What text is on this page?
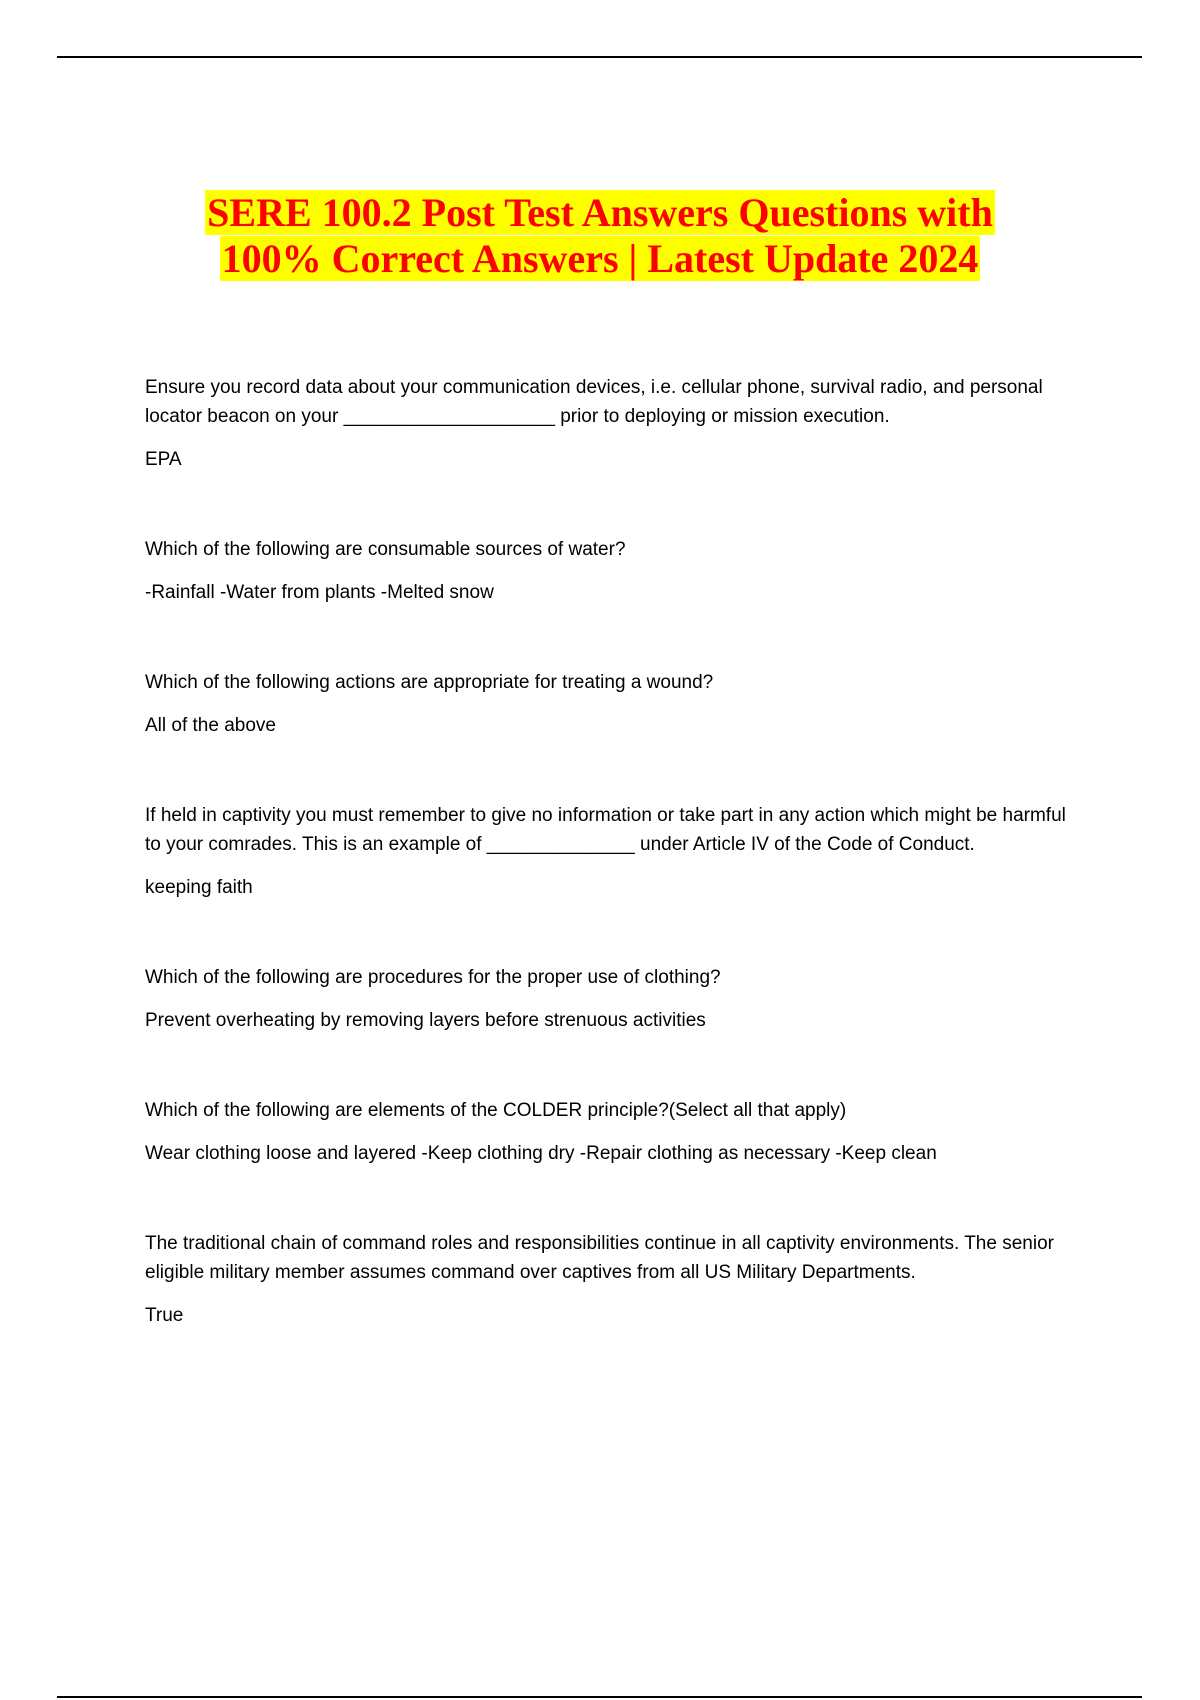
SERE 100.2 Post Test Answers Questions with
100% Correct Answers | Latest Update 2024

Ensure you record data about your communication devices, i.e. cellular phone, survival radio, and personal locator beacon on your ____________________ prior to deploying or mission execution.

EPA

Which of the following are consumable sources of water?

-Rainfall -Water from plants -Melted snow

Which of the following actions are appropriate for treating a wound?

All of the above

If held in captivity you must remember to give no information or take part in any action which might be harmful to your comrades. This is an example of ______________ under Article IV of the Code of Conduct.

keeping faith

Which of the following are procedures for the proper use of clothing?

Prevent overheating by removing layers before strenuous activities

Which of the following are elements of the COLDER principle?(Select all that apply)

Wear clothing loose and layered -Keep clothing dry -Repair clothing as necessary -Keep clean

The traditional chain of command roles and responsibilities continue in all captivity environments. The senior eligible military member assumes command over captives from all US Military Departments.

True
